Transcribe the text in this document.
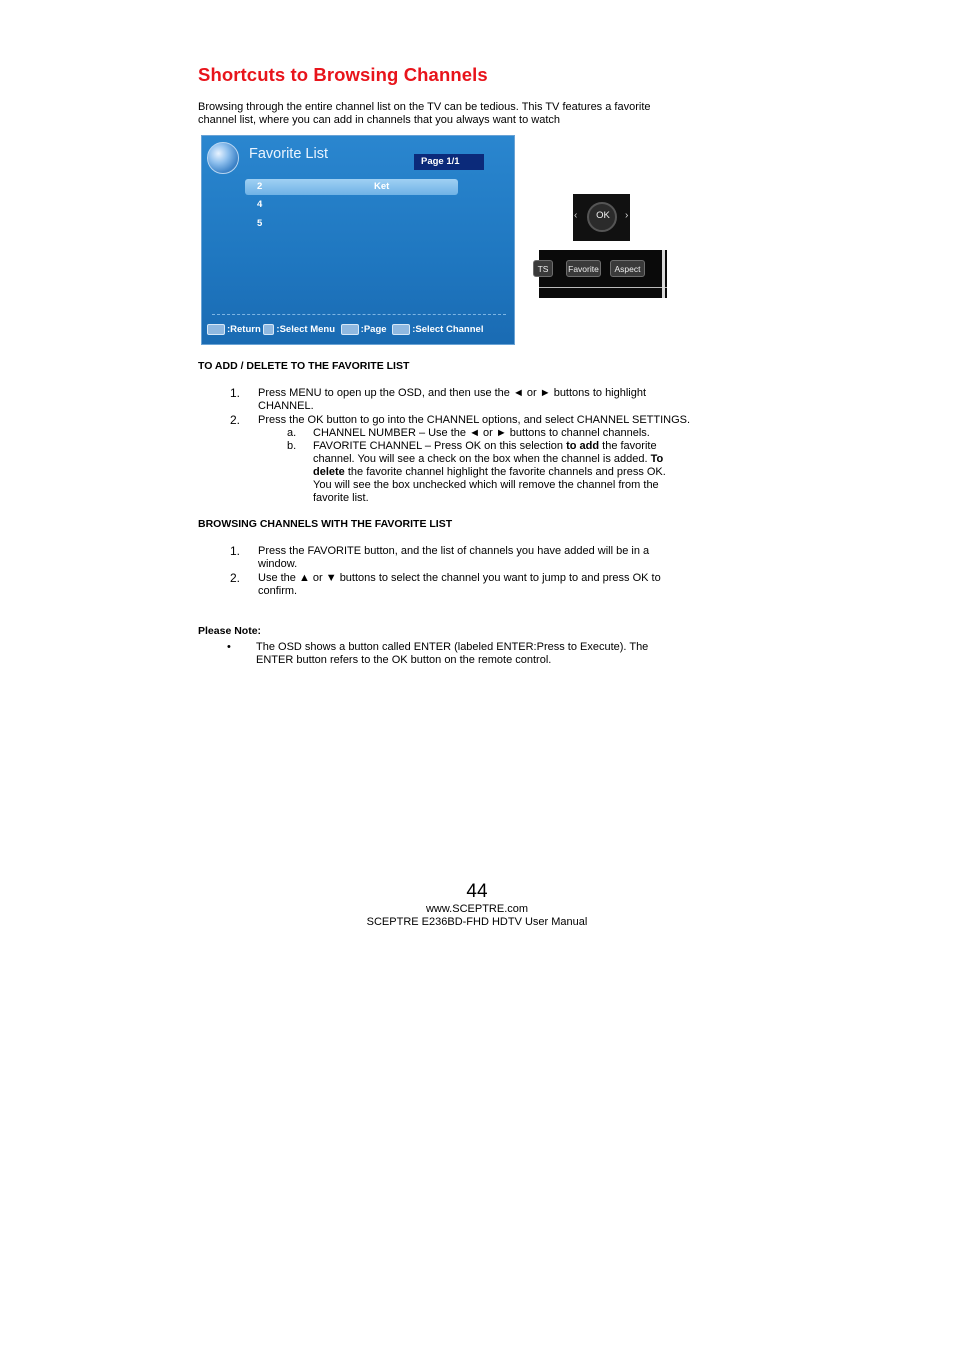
Shortcuts to Browsing Channels
Browsing through the entire channel list on the TV can be tedious. This TV features a favorite channel list, where you can add in channels that you always want to watch
Favorite List	Page 1/1
2	Ket
4
5
:Return :Select Menu	:Page	:Select Channel
‹	›
OK
TS	Favorite	Aspect
TO ADD / DELETE TO THE FAVORITE LIST
1. Press MENU to open up the OSD, and then use the ◄ or ► buttons to highlight CHANNEL.
2. Press the OK button to go into the CHANNEL options, and select CHANNEL SETTINGS.
a. CHANNEL NUMBER – Use the ◄ or ► buttons to channel channels.
b. FAVORITE CHANNEL – Press OK on this selection to add the favorite channel. You will see a check on the box when the channel is added. To delete the favorite channel highlight the favorite channels and press OK. You will see the box unchecked which will remove the channel from the favorite list.
BROWSING CHANNELS WITH THE FAVORITE LIST
1. Press the FAVORITE button, and the list of channels you have added will be in a window.
2. Use the ▲ or ▼ buttons to select the channel you want to jump to and press OK to confirm.
Please Note:
• The OSD shows a button called ENTER (labeled ENTER:Press to Execute). The ENTER button refers to the OK button on the remote control.
44
www.SCEPTRE.com
SCEPTRE E236BD-FHD HDTV User Manual
